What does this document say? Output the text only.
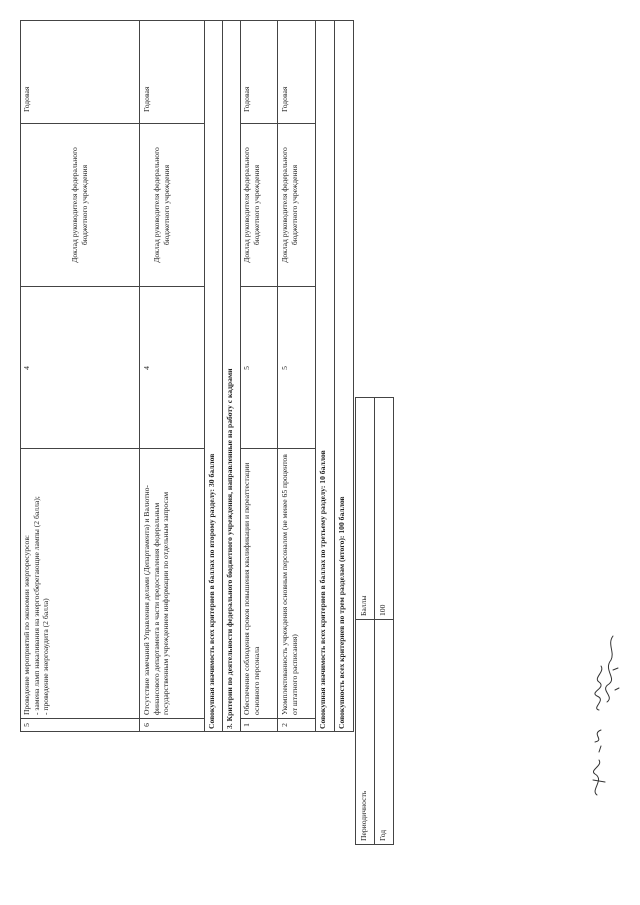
5
Проведение мероприятий по экономии энергоресурсов:
- замена ламп накаливания на энергосберегающие лампы (2 балла);
- проведение энергоаудита (2 балла)
4
Доклад руководителя федерального бюджетного учреждения
Годовая
6
Отсутствие замечаний Управления делами (Департамента) и Валютно-финансового департамента в части предоставления федеральным государственным учреждением информации по отдельным запросам
4
Доклад руководителя федерального бюджетного учреждения
Годовая
Совокупная значимость всех критериев в баллах по второму разделу: 30 баллов 3. Критерии по деятельности федерального бюджетного учреждения, направленные на работу с кадрами 1
Обеспечение соблюдения сроков повышения квалификации и переаттестации основного персонала
5
Доклад руководителя федерального бюджетного учреждения
Годовая
2
Укомплектованность учреждения основным персоналом (не менее 65 процентов от штатного расписания)
5
Доклад руководителя федерального бюджетного учреждения
Годовая
Совокупная значимость всех критериев в баллах по третьему разделу: 10 баллов Совокупность всех критериев по трем разделам (итого): 100 баллов
Периодичность
Баллы
Год
100
